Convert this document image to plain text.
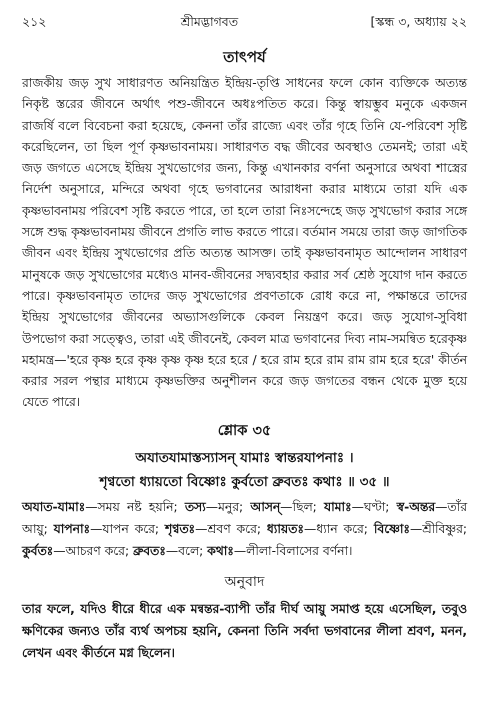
২১২	শ্রীমদ্ভাগবত	[স্কন্ধ ৩, অধ্যায় ২২
তাৎপর্য

রাজকীয় জড় সুখ সাধারণত অনিয়ন্ত্রিত ইন্দ্রিয়-তৃপ্তি সাধনের ফলে কোন ব্যক্তিকে অত্যন্ত নিকৃষ্ট স্তরের জীবনে অর্থাৎ পশু-জীবনে অধঃপতিত করে। কিন্তু স্বায়ম্ভুব মনুকে একজন রাজর্ষি বলে বিবেচনা করা হয়েছে, কেননা তাঁর রাজ্যে এবং তাঁর গৃহে তিনি যে-পরিবেশ সৃষ্টি করেছিলেন, তা ছিল পূর্ণ কৃষ্ণভাবনাময়। সাধারণত বদ্ধ জীবের অবস্থাও তেমনই; তারা এই জড় জগতে এসেছে ইন্দ্রিয় সুখভোগের জন্য, কিন্তু এখানকার বর্ণনা অনুসারে অথবা শাস্ত্রের নির্দেশ অনুসারে, মন্দিরে অথবা গৃহে ভগবানের আরাধনা করার মাধ্যমে তারা যদি এক কৃষ্ণভাবনাময় পরিবেশ সৃষ্টি করতে পারে, তা হলে তারা নিঃসন্দেহে জড় সুখভোগ করার সঙ্গে সঙ্গে শুদ্ধ কৃষ্ণভাবনাময় জীবনে প্রগতি লাভ করতে পারে। বর্তমান সময়ে তারা জড় জাগতিক জীবন এবং ইন্দ্রিয় সুখভোগের প্রতি অত্যন্ত আসক্ত। তাই কৃষ্ণভাবনামৃত আন্দোলন সাধারণ মানুষকে জড় সুখভোগের মধ্যেও মানব-জীবনের সদ্ব্যবহার করার সর্ব শ্রেষ্ঠ সুযোগ দান করতে পারে। কৃষ্ণভাবনামৃত তাদের জড় সুখভোগের প্রবণতাকে রোধ করে না, পক্ষান্তরে তাদের ইন্দ্রিয় সুখভোগের জীবনের অভ্যাসগুলিকে কেবল নিয়ন্ত্রণ করে। জড় সুযোগ-সুবিধা উপভোগ করা সত্ত্বেও, তারা এই জীবনেই, কেবল মাত্র ভগবানের দিব্য নাম-সমন্বিত হরেকৃষ্ণ মহামন্ত্র—'হরে কৃষ্ণ হরে কৃষ্ণ কৃষ্ণ কৃষ্ণ হরে হরে / হরে রাম হরে রাম রাম রাম হরে হরে' কীর্তন করার সরল পন্থার মাধ্যমে কৃষ্ণভক্তির অনুশীলন করে জড় জগতের বন্ধন থেকে মুক্ত হয়ে যেতে পারে।

শ্লোক ৩৫
অযাতযামাস্তস্যাসন্ যামাঃ স্বান্তরযাপনাঃ ।
শৃণ্বতো ধ্যায়তো বিষ্ণোঃ কুর্বতো ব্রুবতঃ কথাঃ ॥ ৩৫ ॥

অযাত-যামাঃ—সময় নষ্ট হয়নি; তস্য—মনুর; আসন্—ছিল; যামাঃ—ঘণ্টা; স্ব-অন্তর—তাঁর আয়ু; যাপনাঃ—যাপন করে; শৃণ্বতঃ—শ্রবণ করে; ধ্যায়তঃ—ধ্যান করে; বিষ্ণোঃ—শ্রীবিষ্ণুর; কুর্বতঃ—আচরণ করে; ব্রুবতঃ—বলে; কথাঃ—লীলা-বিলাসের বর্ণনা।

অনুবাদ

তার ফলে, যদিও ধীরে ধীরে এক মন্বন্তর-ব্যাপী তাঁর দীর্ঘ আয়ু সমাপ্ত হয়ে এসেছিল, তবুও ক্ষণিকের জন্যও তাঁর ব্যর্থ অপচয় হয়নি, কেননা তিনি সর্বদা ভগবানের লীলা শ্রবণ, মনন, লেখন এবং কীর্তনে মগ্ন ছিলেন।
